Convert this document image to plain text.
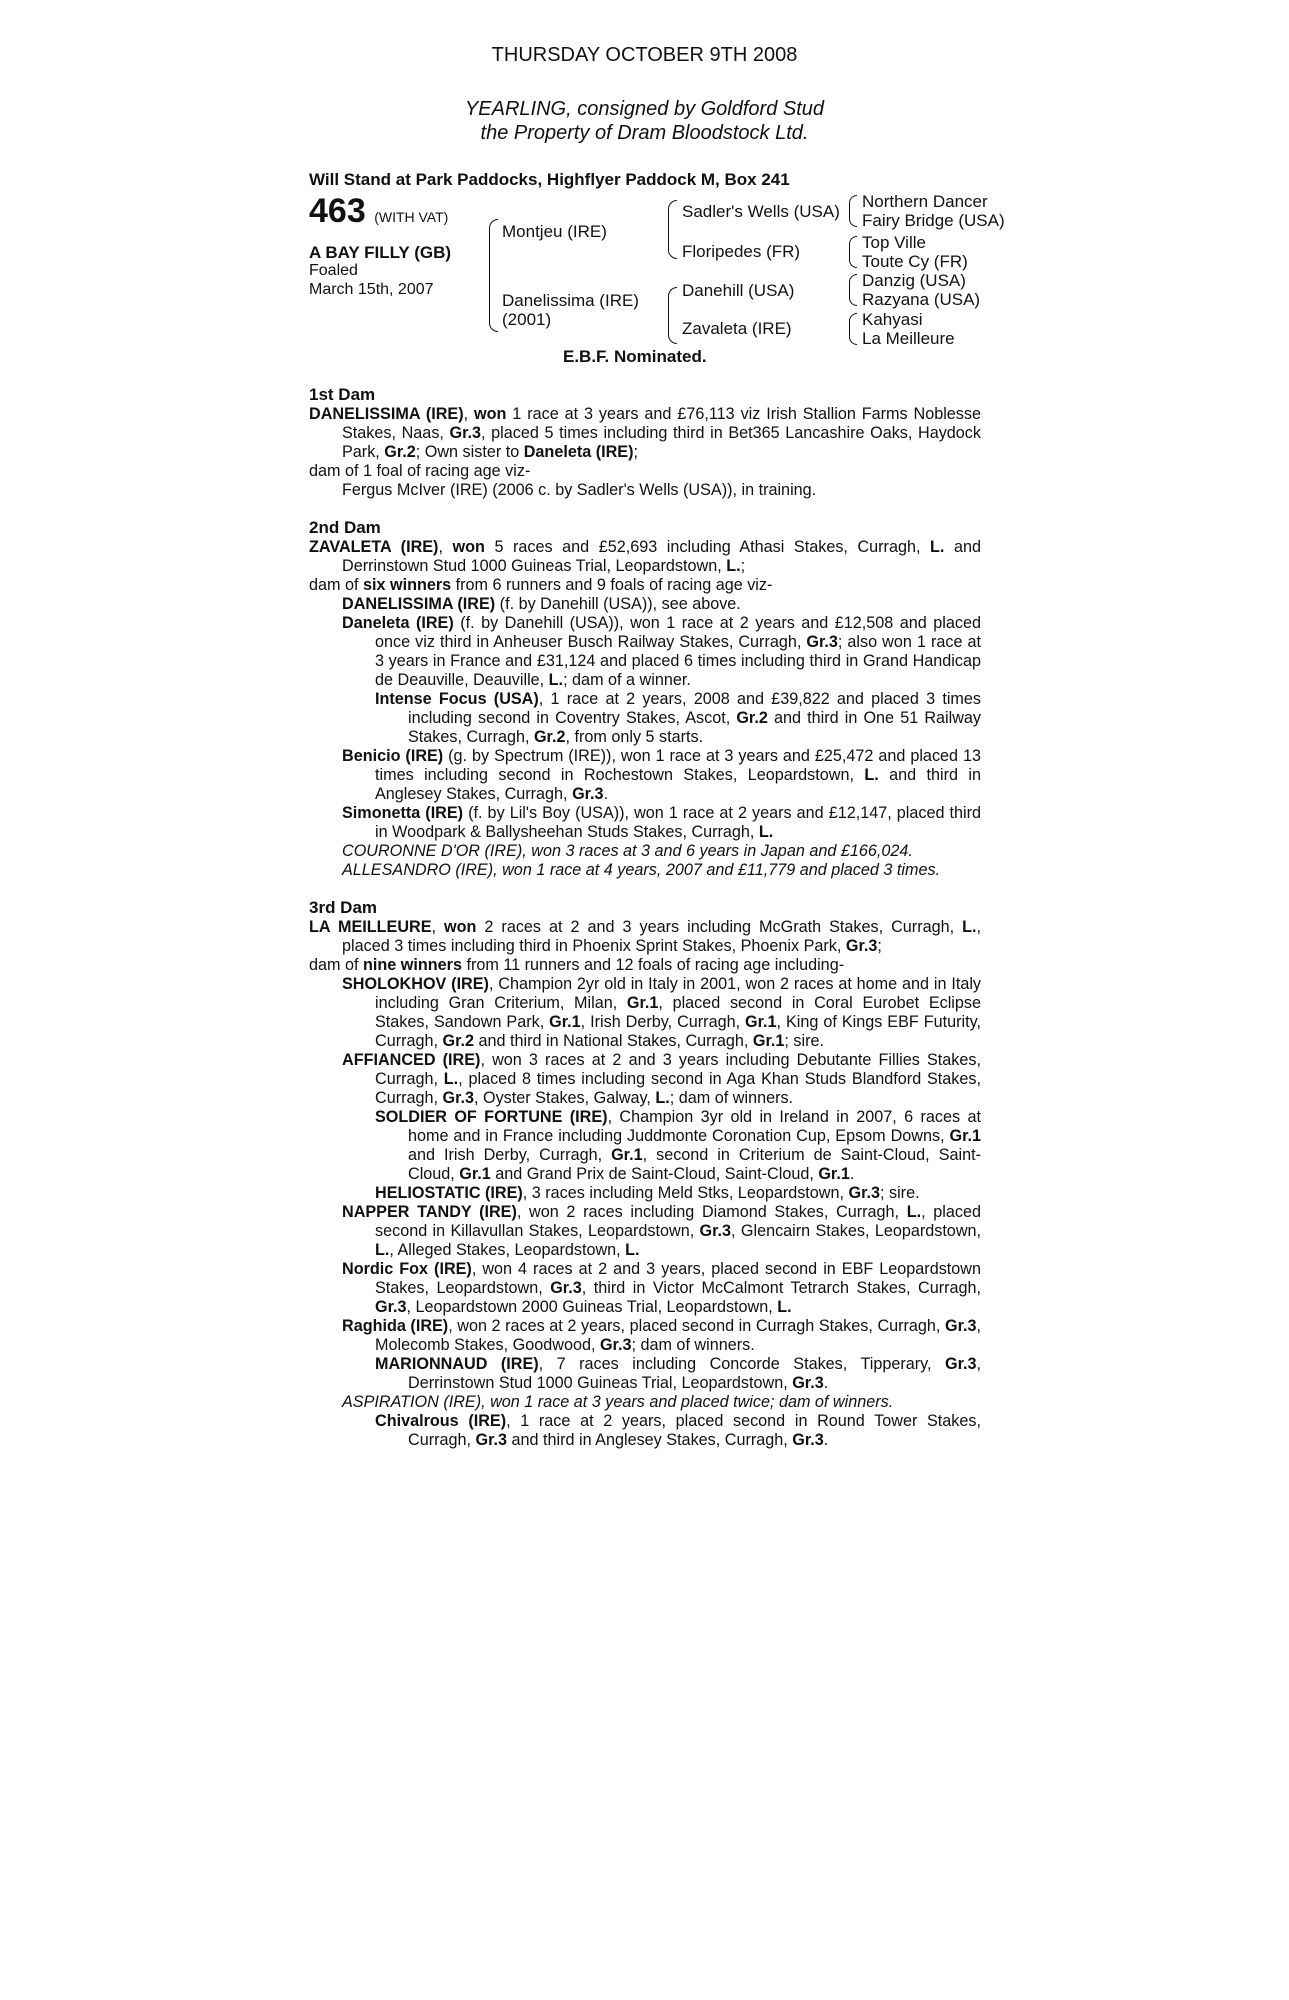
THURSDAY OCTOBER 9TH 2008
YEARLING, consigned by Goldford Stud
the Property of Dram Bloodstock Ltd.
Will Stand at Park Paddocks, Highflyer Paddock M, Box 241
463 (WITH VAT)
A BAY FILLY (GB)
Foaled
March 15th, 2007
Montjeu (IRE)
Danelissima (IRE)
(2001)
Sadler's Wells (USA)
Floripedes (FR)
Danehill (USA)
Zavaleta (IRE)
Northern Dancer
Fairy Bridge (USA)
Top Ville
Toute Cy (FR)
Danzig (USA)
Razyana (USA)
Kahyasi
La Meilleure
E.B.F. Nominated.

1st Dam

DANELISSIMA (IRE), won 1 race at 3 years and £76,113 viz Irish Stallion Farms Noblesse Stakes, Naas, Gr.3, placed 5 times including third in Bet365 Lancashire Oaks, Haydock Park, Gr.2; Own sister to Daneleta (IRE);

dam of 1 foal of racing age viz-

Fergus McIver (IRE) (2006 c. by Sadler's Wells (USA)), in training.

2nd Dam

ZAVALETA (IRE), won 5 races and £52,693 including Athasi Stakes, Curragh, L. and Derrinstown Stud 1000 Guineas Trial, Leopardstown, L.;

dam of six winners from 6 runners and 9 foals of racing age viz-

DANELISSIMA (IRE) (f. by Danehill (USA)), see above.

Daneleta (IRE) (f. by Danehill (USA)), won 1 race at 2 years and £12,508 and placed once viz third in Anheuser Busch Railway Stakes, Curragh, Gr.3; also won 1 race at 3 years in France and £31,124 and placed 6 times including third in Grand Handicap de Deauville, Deauville, L.; dam of a winner.

Intense Focus (USA), 1 race at 2 years, 2008 and £39,822 and placed 3 times including second in Coventry Stakes, Ascot, Gr.2 and third in One 51 Railway Stakes, Curragh, Gr.2, from only 5 starts.

Benicio (IRE) (g. by Spectrum (IRE)), won 1 race at 3 years and £25,472 and placed 13 times including second in Rochestown Stakes, Leopardstown, L. and third in Anglesey Stakes, Curragh, Gr.3.

Simonetta (IRE) (f. by Lil's Boy (USA)), won 1 race at 2 years and £12,147, placed third in Woodpark & Ballysheehan Studs Stakes, Curragh, L.

COURONNE D'OR (IRE), won 3 races at 3 and 6 years in Japan and £166,024.

ALLESANDRO (IRE), won 1 race at 4 years, 2007 and £11,779 and placed 3 times.

3rd Dam

LA MEILLEURE, won 2 races at 2 and 3 years including McGrath Stakes, Curragh, L., placed 3 times including third in Phoenix Sprint Stakes, Phoenix Park, Gr.3;

dam of nine winners from 11 runners and 12 foals of racing age including-

SHOLOKHOV (IRE), Champion 2yr old in Italy in 2001, won 2 races at home and in Italy including Gran Criterium, Milan, Gr.1, placed second in Coral Eurobet Eclipse Stakes, Sandown Park, Gr.1, Irish Derby, Curragh, Gr.1, King of Kings EBF Futurity, Curragh, Gr.2 and third in National Stakes, Curragh, Gr.1; sire.

AFFIANCED (IRE), won 3 races at 2 and 3 years including Debutante Fillies Stakes, Curragh, L., placed 8 times including second in Aga Khan Studs Blandford Stakes, Curragh, Gr.3, Oyster Stakes, Galway, L.; dam of winners.

SOLDIER OF FORTUNE (IRE), Champion 3yr old in Ireland in 2007, 6 races at home and in France including Juddmonte Coronation Cup, Epsom Downs, Gr.1 and Irish Derby, Curragh, Gr.1, second in Criterium de Saint-Cloud, Saint-Cloud, Gr.1 and Grand Prix de Saint-Cloud, Saint-Cloud, Gr.1.

HELIOSTATIC (IRE), 3 races including Meld Stks, Leopardstown, Gr.3; sire.

NAPPER TANDY (IRE), won 2 races including Diamond Stakes, Curragh, L., placed second in Killavullan Stakes, Leopardstown, Gr.3, Glencairn Stakes, Leopardstown, L., Alleged Stakes, Leopardstown, L.

Nordic Fox (IRE), won 4 races at 2 and 3 years, placed second in EBF Leopardstown Stakes, Leopardstown, Gr.3, third in Victor McCalmont Tetrarch Stakes, Curragh, Gr.3, Leopardstown 2000 Guineas Trial, Leopardstown, L.

Raghida (IRE), won 2 races at 2 years, placed second in Curragh Stakes, Curragh, Gr.3, Molecomb Stakes, Goodwood, Gr.3; dam of winners.

MARIONNAUD (IRE), 7 races including Concorde Stakes, Tipperary, Gr.3, Derrinstown Stud 1000 Guineas Trial, Leopardstown, Gr.3.

ASPIRATION (IRE), won 1 race at 3 years and placed twice; dam of winners.

Chivalrous (IRE), 1 race at 2 years, placed second in Round Tower Stakes, Curragh, Gr.3 and third in Anglesey Stakes, Curragh, Gr.3.
